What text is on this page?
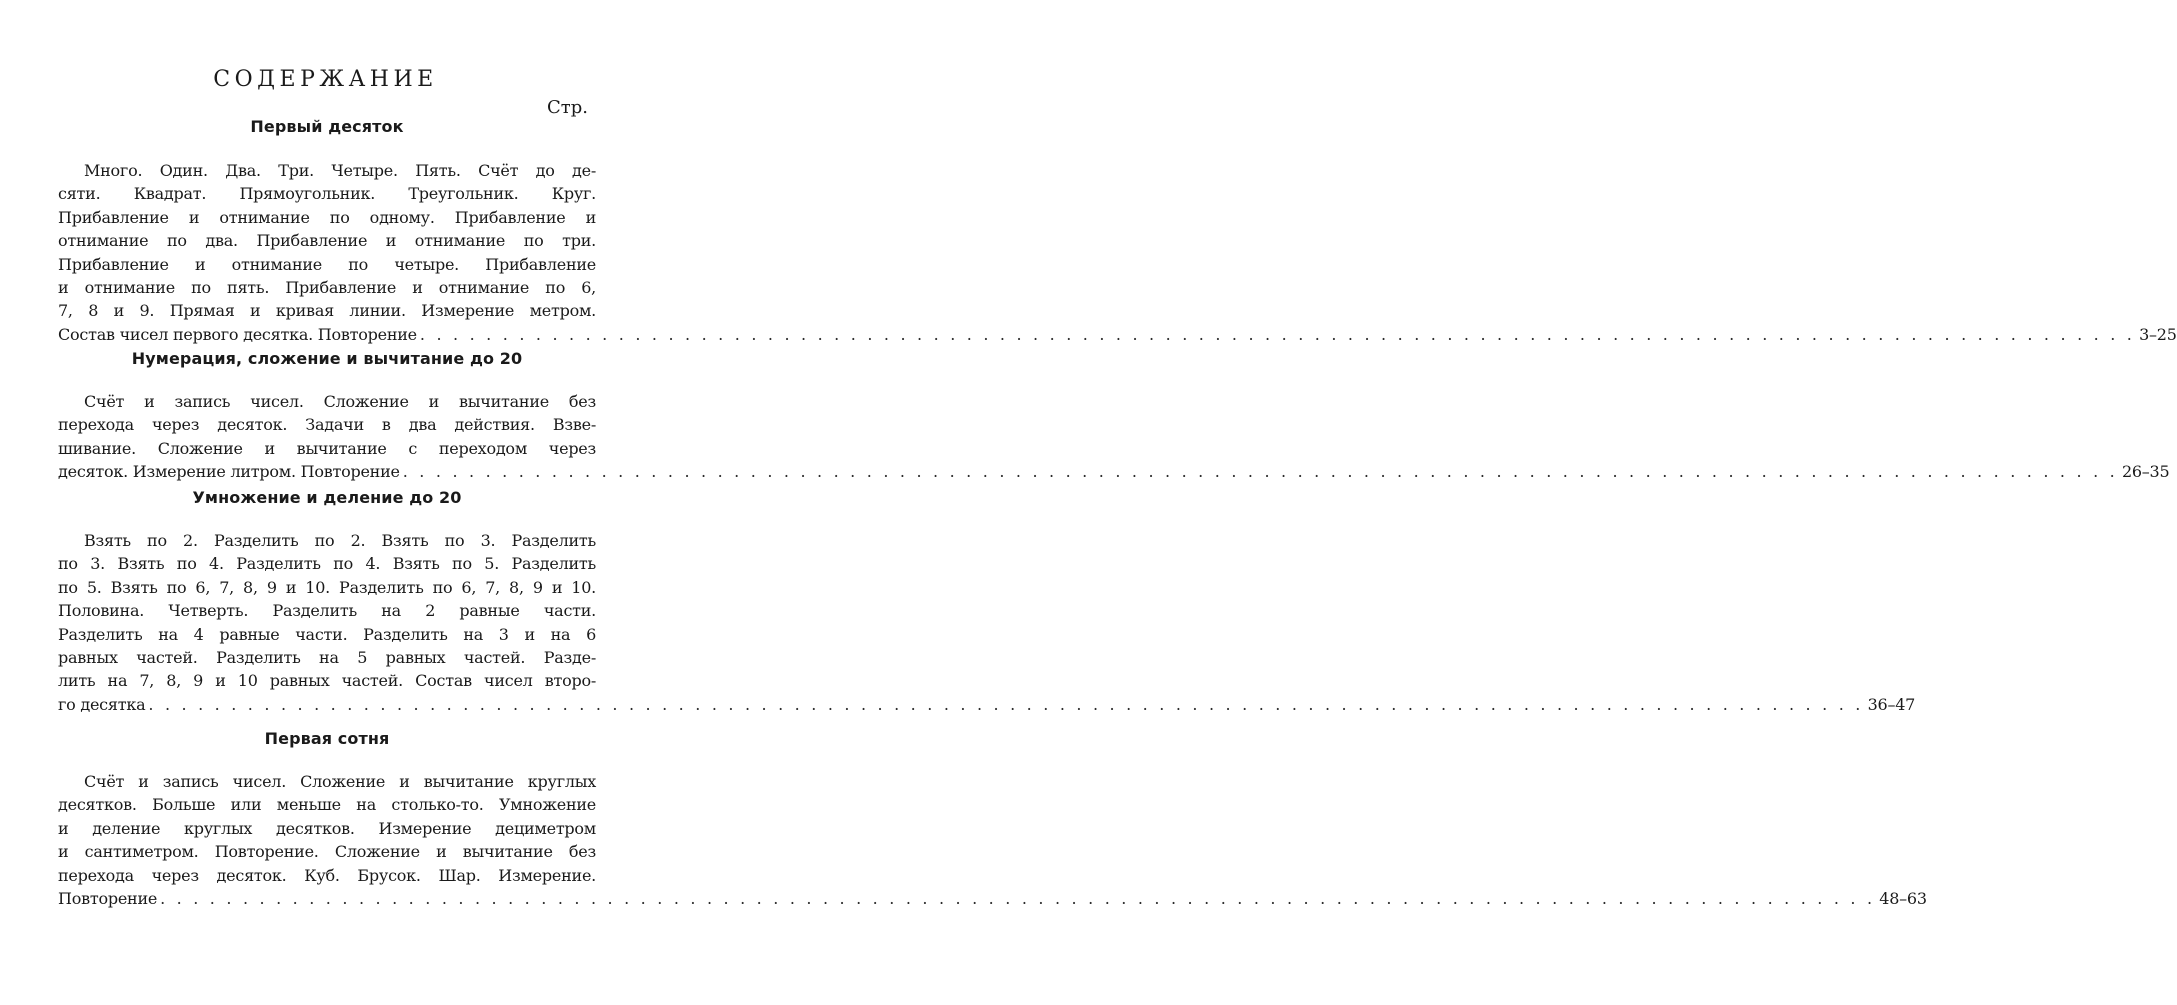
СОДЕРЖАНИЕ
Стр.
Первый десяток
Много. Один. Два. Три. Четыре. Пять. Счёт до де-
сяти. Квадрат. Прямоугольник. Треугольник. Круг.
Прибавление и отнимание по одному. Прибавление и
отнимание по два. Прибавление и отнимание по три.
Прибавление и отнимание по четыре. Прибавление
и отнимание по пять. Прибавление и отнимание по 6,
7, 8 и 9. Прямая и кривая линии. Измерение метром.
Состав чисел первого десятка. Повторение . . . . . . . . . . . . . . . . . . . . . . . . . . . . . . . . . . . . . . . . . . . . . . . . . . . . . . . . . . . . . . . . . . . . . . . . . . . . . . . . . . . . . . . . . . . . . . . . . . . . . . . . 3–25
Нумерация, сложение и вычитание до 20
Счёт и запись чисел. Сложение и вычитание без
перехода через десяток. Задачи в два действия. Взве-
шивание. Сложение и вычитание с переходом через
десяток. Измерение литром. Повторение . . . . . . . . . . . . . . . . . . . . . . . . . . . . . . . . . . . . . . . . . . . . . . . . . . . . . . . . . . . . . . . . . . . . . . . . . . . . . . . . . . . . . . . . . . . . . . . . . . . . . . . . 26–35
Умножение и деление до 20
Взять по 2. Разделить по 2. Взять по 3. Разделить
по 3. Взять по 4. Разделить по 4. Взять по 5. Разделить
по 5. Взять по 6, 7, 8, 9 и 10. Разделить по 6, 7, 8, 9 и 10.
Половина. Четверть. Разделить на 2 равные части.
Разделить на 4 равные части. Разделить на 3 и на 6
равных частей. Разделить на 5 равных частей. Разде-
лить на 7, 8, 9 и 10 равных частей. Состав чисел второ-
го десятка . . . . . . . . . . . . . . . . . . . . . . . . . . . . . . . . . . . . . . . . . . . . . . . . . . . . . . . . . . . . . . . . . . . . . . . . . . . . . . . . . . . . . . . . . . . . . . . . . . . . . . . . 36–47
Первая сотня
Счёт и запись чисел. Сложение и вычитание круглых
десятков. Больше или меньше на столько-то. Умножение
и деление круглых десятков. Измерение дециметром
и сантиметром. Повторение. Сложение и вычитание без
перехода через десяток. Куб. Брусок. Шар. Измерение.
Повторение . . . . . . . . . . . . . . . . . . . . . . . . . . . . . . . . . . . . . . . . . . . . . . . . . . . . . . . . . . . . . . . . . . . . . . . . . . . . . . . . . . . . . . . . . . . . . . . . . . . . . . . . 48–63
